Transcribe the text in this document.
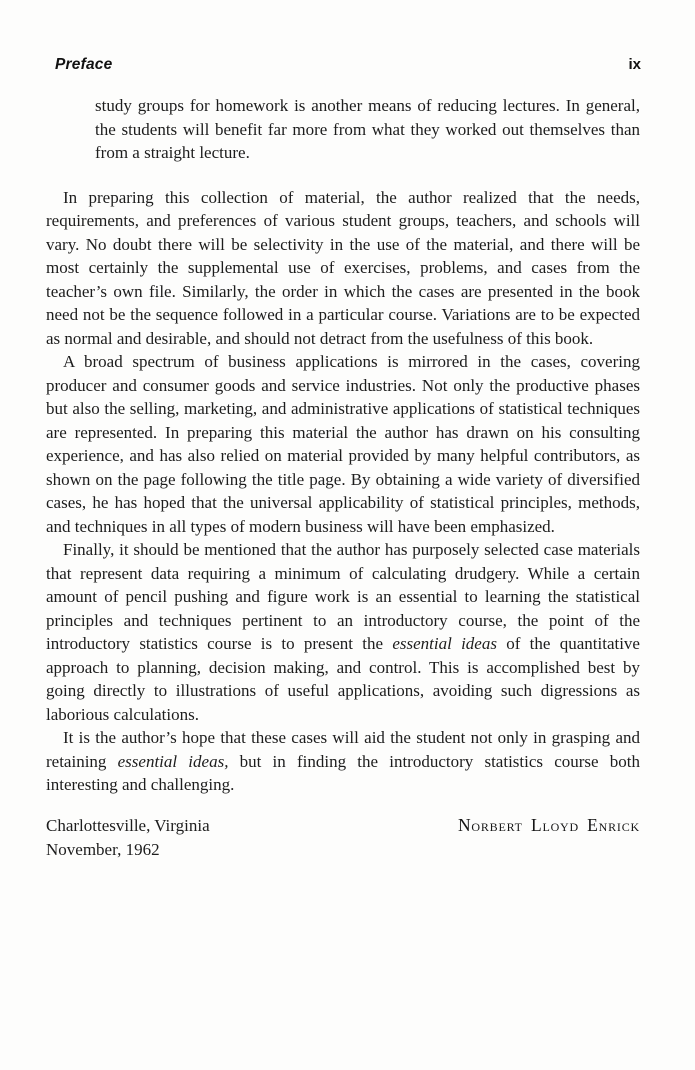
Preface	ix
study groups for homework is another means of reducing lectures. In general, the students will benefit far more from what they worked out themselves than from a straight lecture.

In preparing this collection of material, the author realized that the needs, requirements, and preferences of various student groups, teachers, and schools will vary. No doubt there will be selectivity in the use of the material, and there will be most certainly the supplemental use of exercises, problems, and cases from the teacher’s own file. Similarly, the order in which the cases are presented in the book need not be the sequence followed in a particular course. Variations are to be expected as normal and desirable, and should not detract from the usefulness of this book.

A broad spectrum of business applications is mirrored in the cases, covering producer and consumer goods and service industries. Not only the productive phases but also the selling, marketing, and administrative applications of statistical techniques are represented. In preparing this material the author has drawn on his consulting experience, and has also relied on material provided by many helpful contributors, as shown on the page following the title page. By obtaining a wide variety of diversified cases, he has hoped that the universal applicability of statistical principles, methods, and techniques in all types of modern business will have been emphasized.

Finally, it should be mentioned that the author has purposely selected case materials that represent data requiring a minimum of calculating drudgery. While a certain amount of pencil pushing and figure work is an essential to learning the statistical principles and techniques pertinent to an introductory course, the point of the introductory statistics course is to present the essential ideas of the quantitative approach to planning, decision making, and control. This is accomplished best by going directly to illustrations of useful applications, avoiding such digressions as laborious calculations.

It is the author’s hope that these cases will aid the student not only in grasping and retaining essential ideas, but in finding the introductory statistics course both interesting and challenging.

Charlottesville, Virginia
November, 1962
Norbert Lloyd Enrick
